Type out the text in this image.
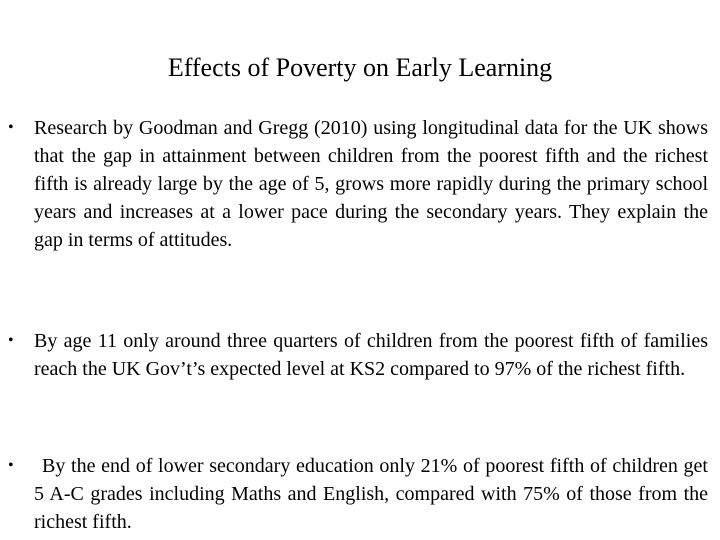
Effects of Poverty on Early Learning
• Research by Goodman and Gregg (2010) using longitudinal data for the UK shows that the gap in attainment between children from the poorest fifth and the richest fifth is already large by the age of 5, grows more rapidly during the primary school years and increases at a lower pace during the secondary years. They explain the gap in terms of attitudes.

• By age 11 only around three quarters of children from the poorest fifth of families reach the UK Gov’t’s expected level at KS2 compared to 97% of the richest fifth.

•	By the end of lower secondary education only 21% of poorest fifth of children get 5 A-C grades including Maths and English, compared with 75% of those from the richest fifth.
